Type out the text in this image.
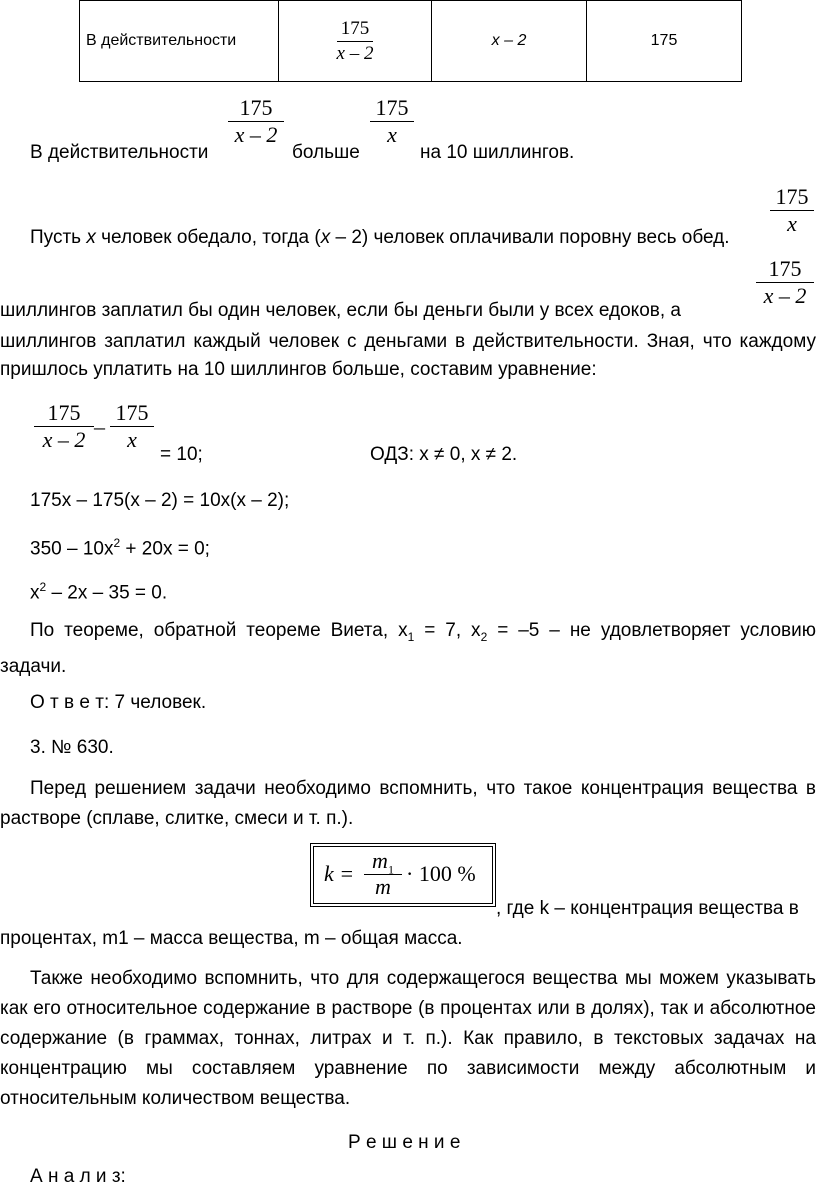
В действительности	$\frac{175}{x - 2}$	x – 2	175
В действительности
175
x – 2
больше
175
x
на 10 шиллингов.
Пусть x человек обедало, тогда (x – 2) человек оплачивали поровну весь обед.
175
x
175
x – 2
шиллингов заплатил бы один человек, если бы деньги были у всех едоков, а
шиллингов заплатил каждый человек с деньгами в действительности. Зная, что каждому пришлось уплатить на 10 шиллингов больше, составим уравнение:
175
x – 2
–
175
x
= 10;	ОДЗ: x ≠ 0, x ≠ 2.
175x – 175(x – 2) = 10x(x – 2);
$350 - 10x^2 + 20x = 0$;
$x^2 - 2x - 35 = 0$.
По теореме, обратной теореме Виета, $x_1 = 7$, $x_2 = -5$ – не удовлетворяет условию задачи.
О т в е т: 7 человек.
3. № 630.
Перед решением задачи необходимо вспомнить, что такое концентрация вещества в растворе (сплаве, слитке, смеси и т. п.).
k =
$m_1$
m
· 100 %
, где k – концентрация вещества в
процентах, m1 – масса вещества, m – общая масса.
Также необходимо вспомнить, что для содержащегося вещества мы можем указывать как его относительное содержание в растворе (в процентах или в долях), так и абсолютное содержание (в граммах, тоннах, литрах и т. п.). Как правило, в текстовых задачах на концентрацию мы составляем уравнение по зависимости между абсолютным и относительным количеством вещества.
Р е ш е н и е
А н а л и з:
